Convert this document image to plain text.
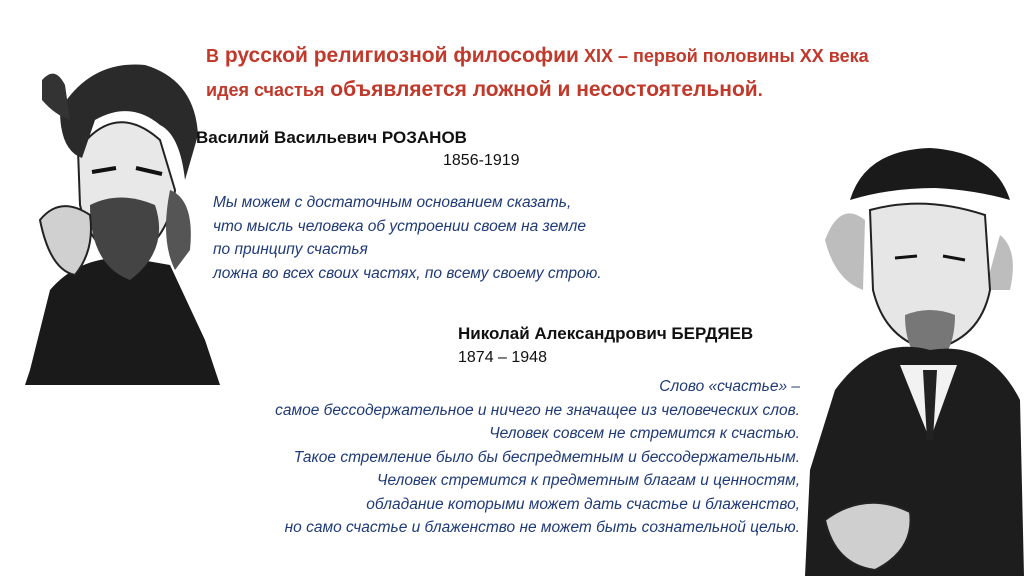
В русской религиозной философии XIX – первой половины XX века
идея счастья объявляется ложной и несостоятельной.
Василий Васильевич РОЗАНОВ
1856-1919
Мы можем с достаточным основанием сказать,
что мысль человека об устроении своем на земле
по принципу счастья
ложна во всех своих частях, по всему своему строю.
Николай Александрович БЕРДЯЕВ
1874 – 1948
Слово «счастье» –
самое бессодержательное и ничего не значащее из человеческих слов.
Человек совсем не стремится к счастью.
Такое стремление было бы беспредметным и бессодержательным.
Человек стремится к предметным благам и ценностям,
обладание которыми может дать счастье и блаженство,
но само счастье и блаженство не может быть сознательной целью.
